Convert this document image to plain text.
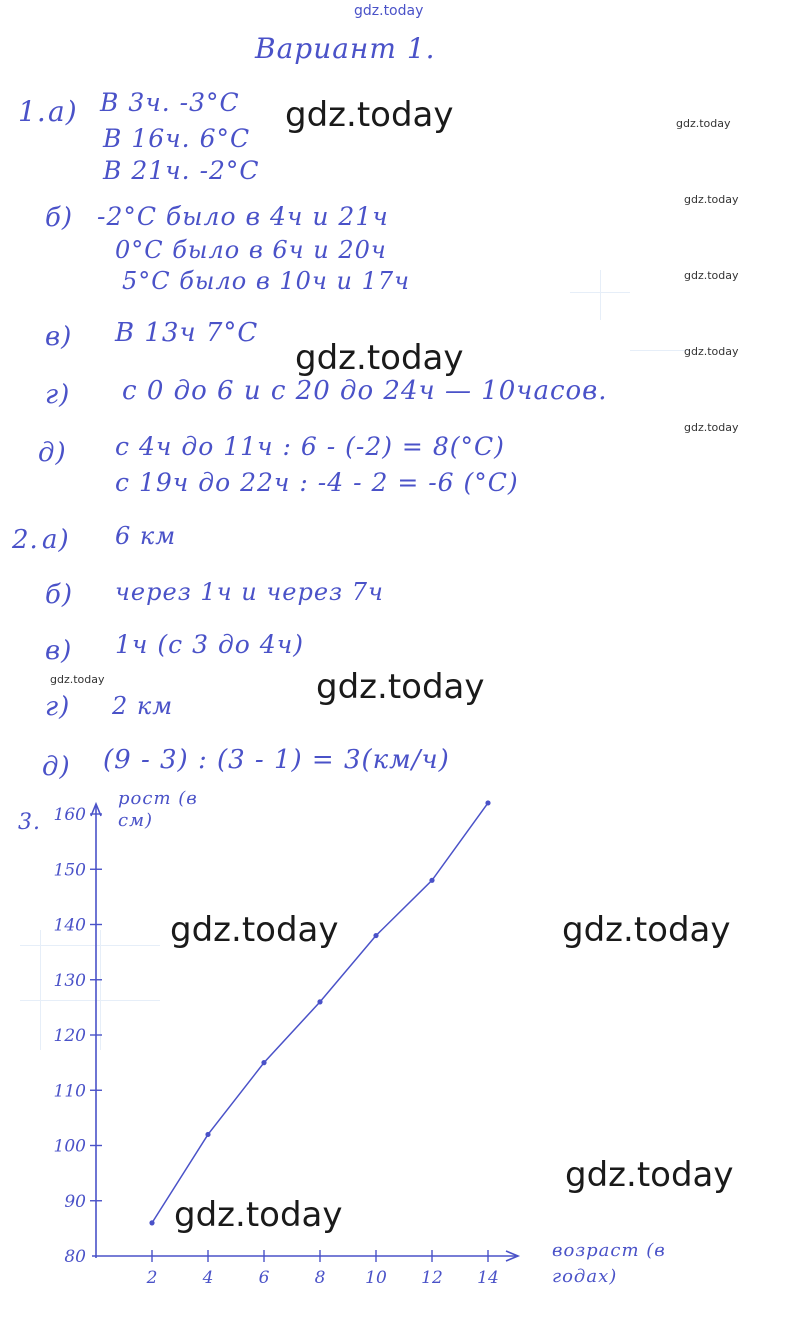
gdz.today
Вариант 1.
1. а) В 3ч. -3°С
В 16ч. 6°С
В 21ч. -2°С
б) -2°С было в 4ч и 21ч
0°С было в 6ч и 20ч
5°С было в 10ч и 17ч
в) В 13ч 7°С
г) с 0 до 6 и с 20 до 24ч — 10часов.
д) с 4ч до 11ч : 6 - (-2) = 8(°С)
с 19ч до 22ч : -4 - 2 = -6 (°С)
2. а) 6 км
б) через 1ч и через 7ч
в) 1ч (с 3 до 4ч)
г) 2 км
д) (9 - 3) : (3 - 1) = 3(км/ч)
3.
80
90
100
110
120
130
140
150
160
2	4	6	8 10 12 14
рост (в см)
возраст (в годах)
gdz.today
gdz.today
gdz.today
gdz.today	gdz.today
gdz.today
gdz.today
gdz.today
gdz.today
gdz.today
gdz.today
gdz.today
gdz.today
